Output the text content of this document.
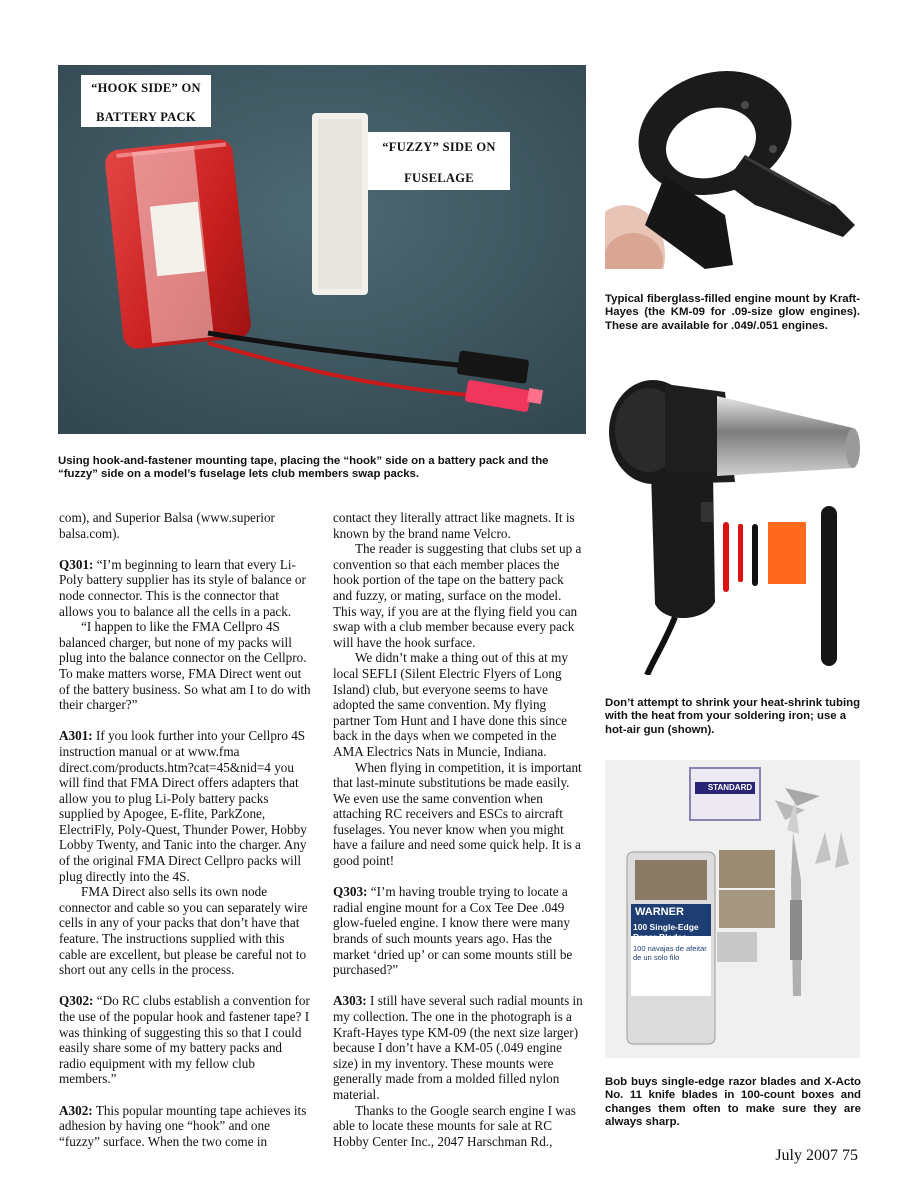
“HOOK SIDE” ON
BATTERY PACK
“FUZZY” SIDE ON
FUSELAGE
Using hook-and-fastener mounting tape, placing the “hook” side on a battery pack and the “fuzzy” side on a model’s fuselage lets club members swap packs.
Typical fiberglass-filled engine mount by Kraft-Hayes (the KM-09 for .09-size glow engines). These are available for .049/.051 engines.
Don’t attempt to shrink your heat-shrink tubing with the heat from your soldering iron; use a hot-air gun (shown).
STANDARD
WARNER
100 Single-Edge Razor Blades
100 navajas de afeitar de un solo filo
Bob buys single-edge razor blades and X-Acto No. 11 knife blades in 100-count boxes and changes them often to make sure they are always sharp.

com), and Superior Balsa (www.superior balsa.com).

Q301: “I’m beginning to learn that every Li-Poly battery supplier has its style of balance or node connector. This is the connector that allows you to balance all the cells in a pack.

“I happen to like the FMA Cellpro 4S balanced charger, but none of my packs will plug into the balance connector on the Cellpro. To make matters worse, FMA Direct went out of the battery business. So what am I to do with their charger?”

A301: If you look further into your Cellpro 4S instruction manual or at www.fma direct.com/products.htm?cat=45&nid=4 you will find that FMA Direct offers adapters that allow you to plug Li-Poly battery packs supplied by Apogee, E-flite, ParkZone, ElectriFly, Poly-Quest, Thunder Power, Hobby Lobby Twenty, and Tanic into the charger. Any of the original FMA Direct Cellpro packs will plug directly into the 4S.

FMA Direct also sells its own node connector and cable so you can separately wire cells in any of your packs that don’t have that feature. The instructions supplied with this cable are excellent, but please be careful not to short out any cells in the process.

Q302: “Do RC clubs establish a convention for the use of the popular hook and fastener tape? I was thinking of suggesting this so that I could easily share some of my battery packs and radio equipment with my fellow club members.”

A302: This popular mounting tape achieves its adhesion by having one “hook” and one “fuzzy” surface. When the two come in

contact they literally attract like magnets. It is known by the brand name Velcro.

The reader is suggesting that clubs set up a convention so that each member places the hook portion of the tape on the battery pack and fuzzy, or mating, surface on the model. This way, if you are at the flying field you can swap with a club member because every pack will have the hook surface.

We didn’t make a thing out of this at my local SEFLI (Silent Electric Flyers of Long Island) club, but everyone seems to have adopted the same convention. My flying partner Tom Hunt and I have done this since back in the days when we competed in the AMA Electrics Nats in Muncie, Indiana.

When flying in competition, it is important that last-minute substitutions be made easily. We even use the same convention when attaching RC receivers and ESCs to aircraft fuselages. You never know when you might have a failure and need some quick help. It is a good point!

Q303: “I’m having trouble trying to locate a radial engine mount for a Cox Tee Dee .049 glow-fueled engine. I know there were many brands of such mounts years ago. Has the market ‘dried up’ or can some mounts still be purchased?”

A303: I still have several such radial mounts in my collection. The one in the photograph is a Kraft-Hayes type KM-09 (the next size larger) because I don’t have a KM-05 (.049 engine size) in my inventory. These mounts were generally made from a molded filled nylon material.

Thanks to the Google search engine I was able to locate these mounts for sale at RC Hobby Center Inc., 2047 Harschman Rd.,

July 2007 75
